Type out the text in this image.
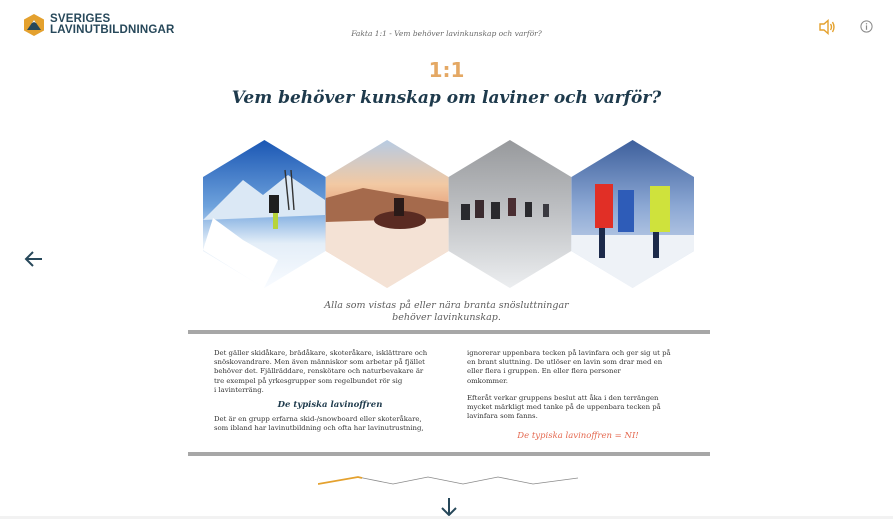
SVERIGES
LAVINUTBILDNINGAR	Fakta 1:1 - Vem behöver lavinkunskap och varför?
1:1
Vem behöver kunskap om laviner och varför?
Alla som vistas på eller nära branta snösluttningar
behöver lavinkunskap.

Det gäller skidåkare, brädåkare, skoteråkare, isklättrare och
snöskovandrare. Men även människor som arbetar på fjället
behöver det. Fjällräddare, renskötare och naturbevakare är
tre exempel på yrkesgrupper som regelbundet rör sig
i lavinterräng.

De typiska lavinoffren

Det är en grupp erfarna skid-/snowboard eller skoteråkare,
som ibland har lavinutbildning och ofta har lavinutrustning,

ignorerar uppenbara tecken på lavinfara och ger sig ut på
en brant sluttning. De utlöser en lavin som drar med en
eller flera i gruppen. En eller flera personer
omkommer.

Efteråt verkar gruppens beslut att åka i den terrängen
mycket märkligt med tanke på de uppenbara tecken på
lavinfara som fanns.

De typiska lavinoffren = NI!
